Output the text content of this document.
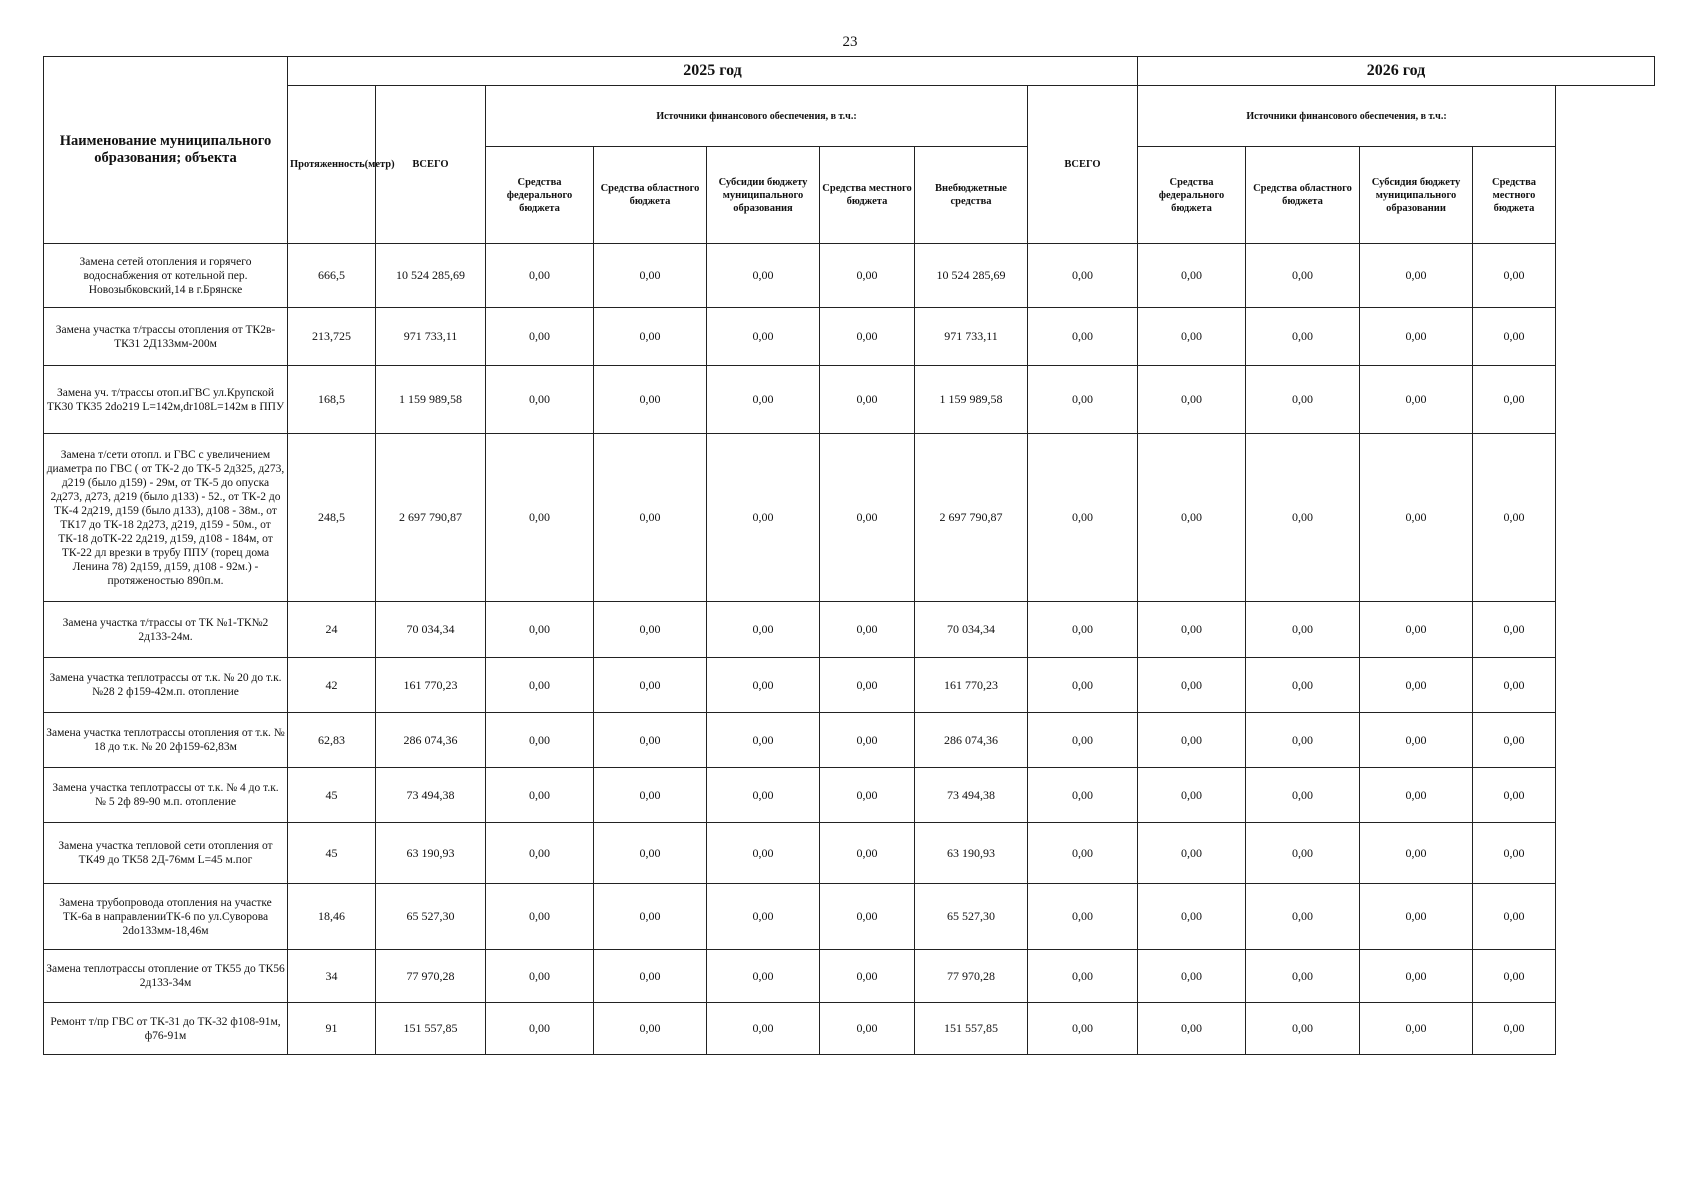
23
Наименование муниципального образования; объекта	2025 год								2026 год			
	Протяженность(метр)	ВСЕГО	Источники финансового обеспечения, в т.ч.:					ВСЕГО	Источники финансового обеспечения, в т.ч.:			
			Средства федерального бюджета	Средства областного бюджета	Субсидии бюджету муниципального образования	Средства местного бюджета	Внебюджетные средства		Средства федерального бюджета	Средства областного бюджета	Субсидия бюджету муниципального образовании	Средства местного бюджета
Замена сетей отопления и горячего водоснабжения от котельной пер. Новозыбковский,14 в г.Брянске	666,5	10 524 285,69	0,00	0,00	0,00	0,00	10 524 285,69	0,00	0,00	0,00	0,00	0,00
Замена участка т/трассы отопления от ТК2в-ТК31 2Д133мм-200м	213,725	971 733,11	0,00	0,00	0,00	0,00	971 733,11	0,00	0,00	0,00	0,00	0,00
Замена уч. т/трассы отоп.иГВС ул.Крупской ТК30 ТК35 2do219 L=142м,dr108L=142м в ППУ	168,5	1 159 989,58	0,00	0,00	0,00	0,00	1 159 989,58	0,00	0,00	0,00	0,00	0,00
Замена т/сети отопл. и ГВС с увеличением диаметра по ГВС ( от ТК-2 до ТК-5 2д325, д273, д219 (было д159) - 29м, от ТК-5 до опуска 2д273, д273, д219 (было д133) - 52., от ТК-2 до ТК-4 2д219, д159 (было д133), д108 - 38м., от ТК17 до ТК-18 2д273, д219, д159 - 50м., от ТК-18 доТК-22 2д219, д159, д108 - 184м, от ТК-22 дл врезки в трубу ППУ (торец дома Ленина 78) 2д159, д159, д108 - 92м.) - протяженостью 890п.м.	248,5	2 697 790,87	0,00	0,00	0,00	0,00	2 697 790,87	0,00	0,00	0,00	0,00	0,00
Замена участка т/трассы от ТК №1-ТК№2 2д133-24м.	24	70 034,34	0,00	0,00	0,00	0,00	70 034,34	0,00	0,00	0,00	0,00	0,00
Замена участка теплотрассы от т.к. № 20 до т.к. №28 2 ф159-42м.п. отопление	42	161 770,23	0,00	0,00	0,00	0,00	161 770,23	0,00	0,00	0,00	0,00	0,00
Замена участка теплотрассы отопления от т.к. № 18 до т.к. № 20 2ф159-62,83м	62,83	286 074,36	0,00	0,00	0,00	0,00	286 074,36	0,00	0,00	0,00	0,00	0,00
Замена участка теплотрассы от т.к. № 4 до т.к. № 5 2ф 89-90 м.п. отопление	45	73 494,38	0,00	0,00	0,00	0,00	73 494,38	0,00	0,00	0,00	0,00	0,00
Замена участка тепловой сети отопления от ТК49 до ТК58 2Д-76мм L=45 м.пог	45	63 190,93	0,00	0,00	0,00	0,00	63 190,93	0,00	0,00	0,00	0,00	0,00
Замена трубопровода отопления на участке ТК-6а в направленииТК-6 по ул.Суворова 2do133мм-18,46м	18,46	65 527,30	0,00	0,00	0,00	0,00	65 527,30	0,00	0,00	0,00	0,00	0,00
Замена теплотрассы отопление от ТК55 до ТК56 2д133-34м	34	77 970,28	0,00	0,00	0,00	0,00	77 970,28	0,00	0,00	0,00	0,00	0,00
Ремонт т/пр ГВС от ТК-31 до ТК-32 ф108-91м, ф76-91м	91	151 557,85	0,00	0,00	0,00	0,00	151 557,85	0,00	0,00	0,00	0,00	0,00
